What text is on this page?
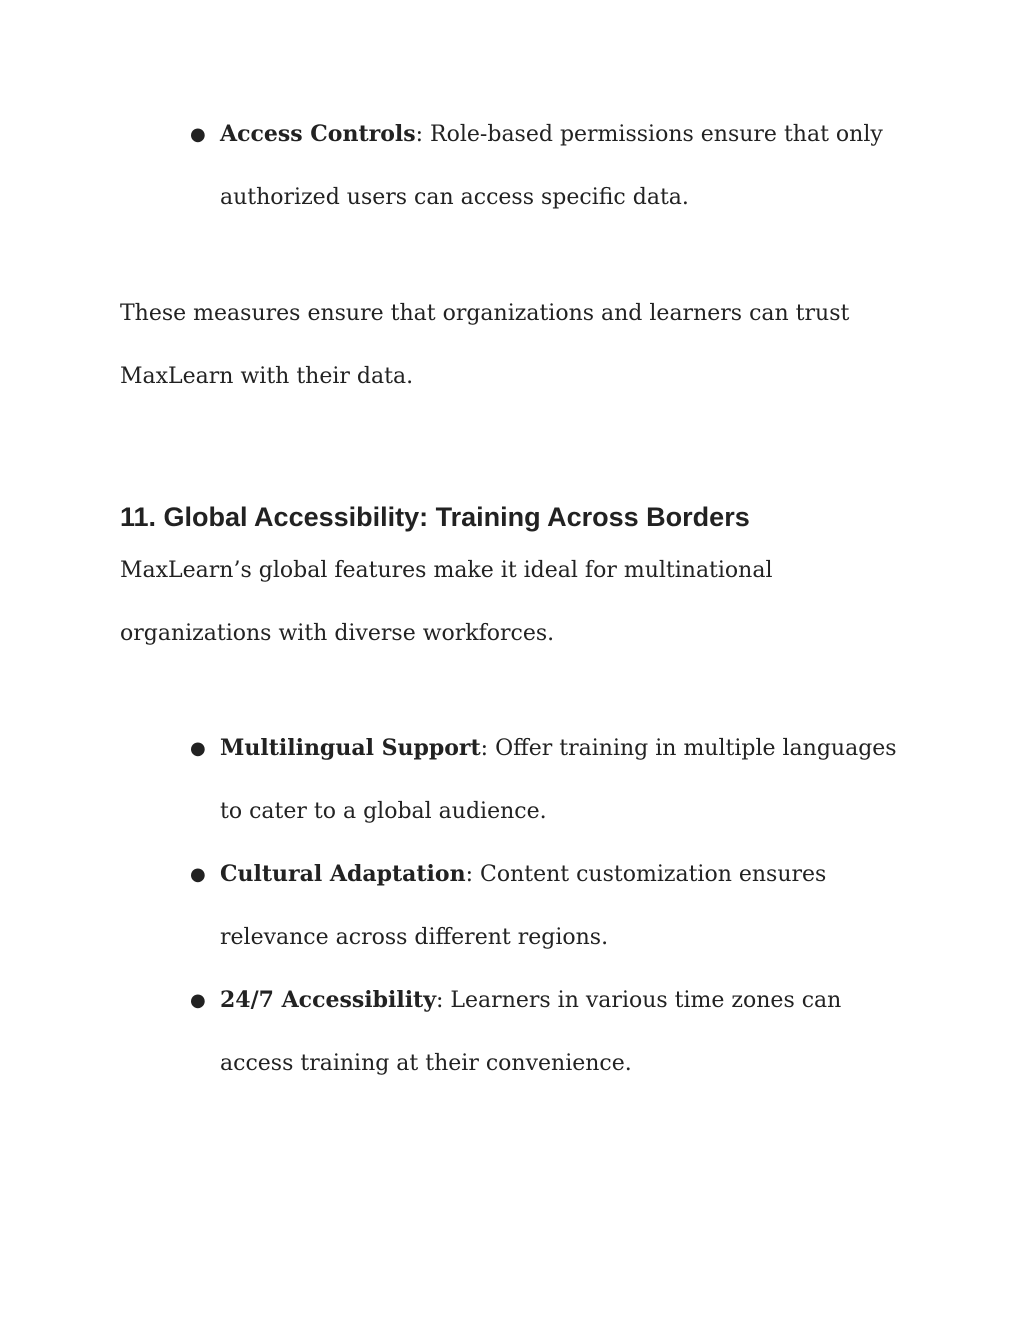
● Access Controls: Role-based permissions ensure that only authorized users can access specific data.

These measures ensure that organizations and learners can trust MaxLearn with their data.

11. Global Accessibility: Training Across Borders

MaxLearn’s global features make it ideal for multinational organizations with diverse workforces.

● Multilingual Support: Offer training in multiple languages to cater to a global audience.
● Cultural Adaptation: Content customization ensures relevance across different regions.
● 24/7 Accessibility: Learners in various time zones can access training at their convenience.
